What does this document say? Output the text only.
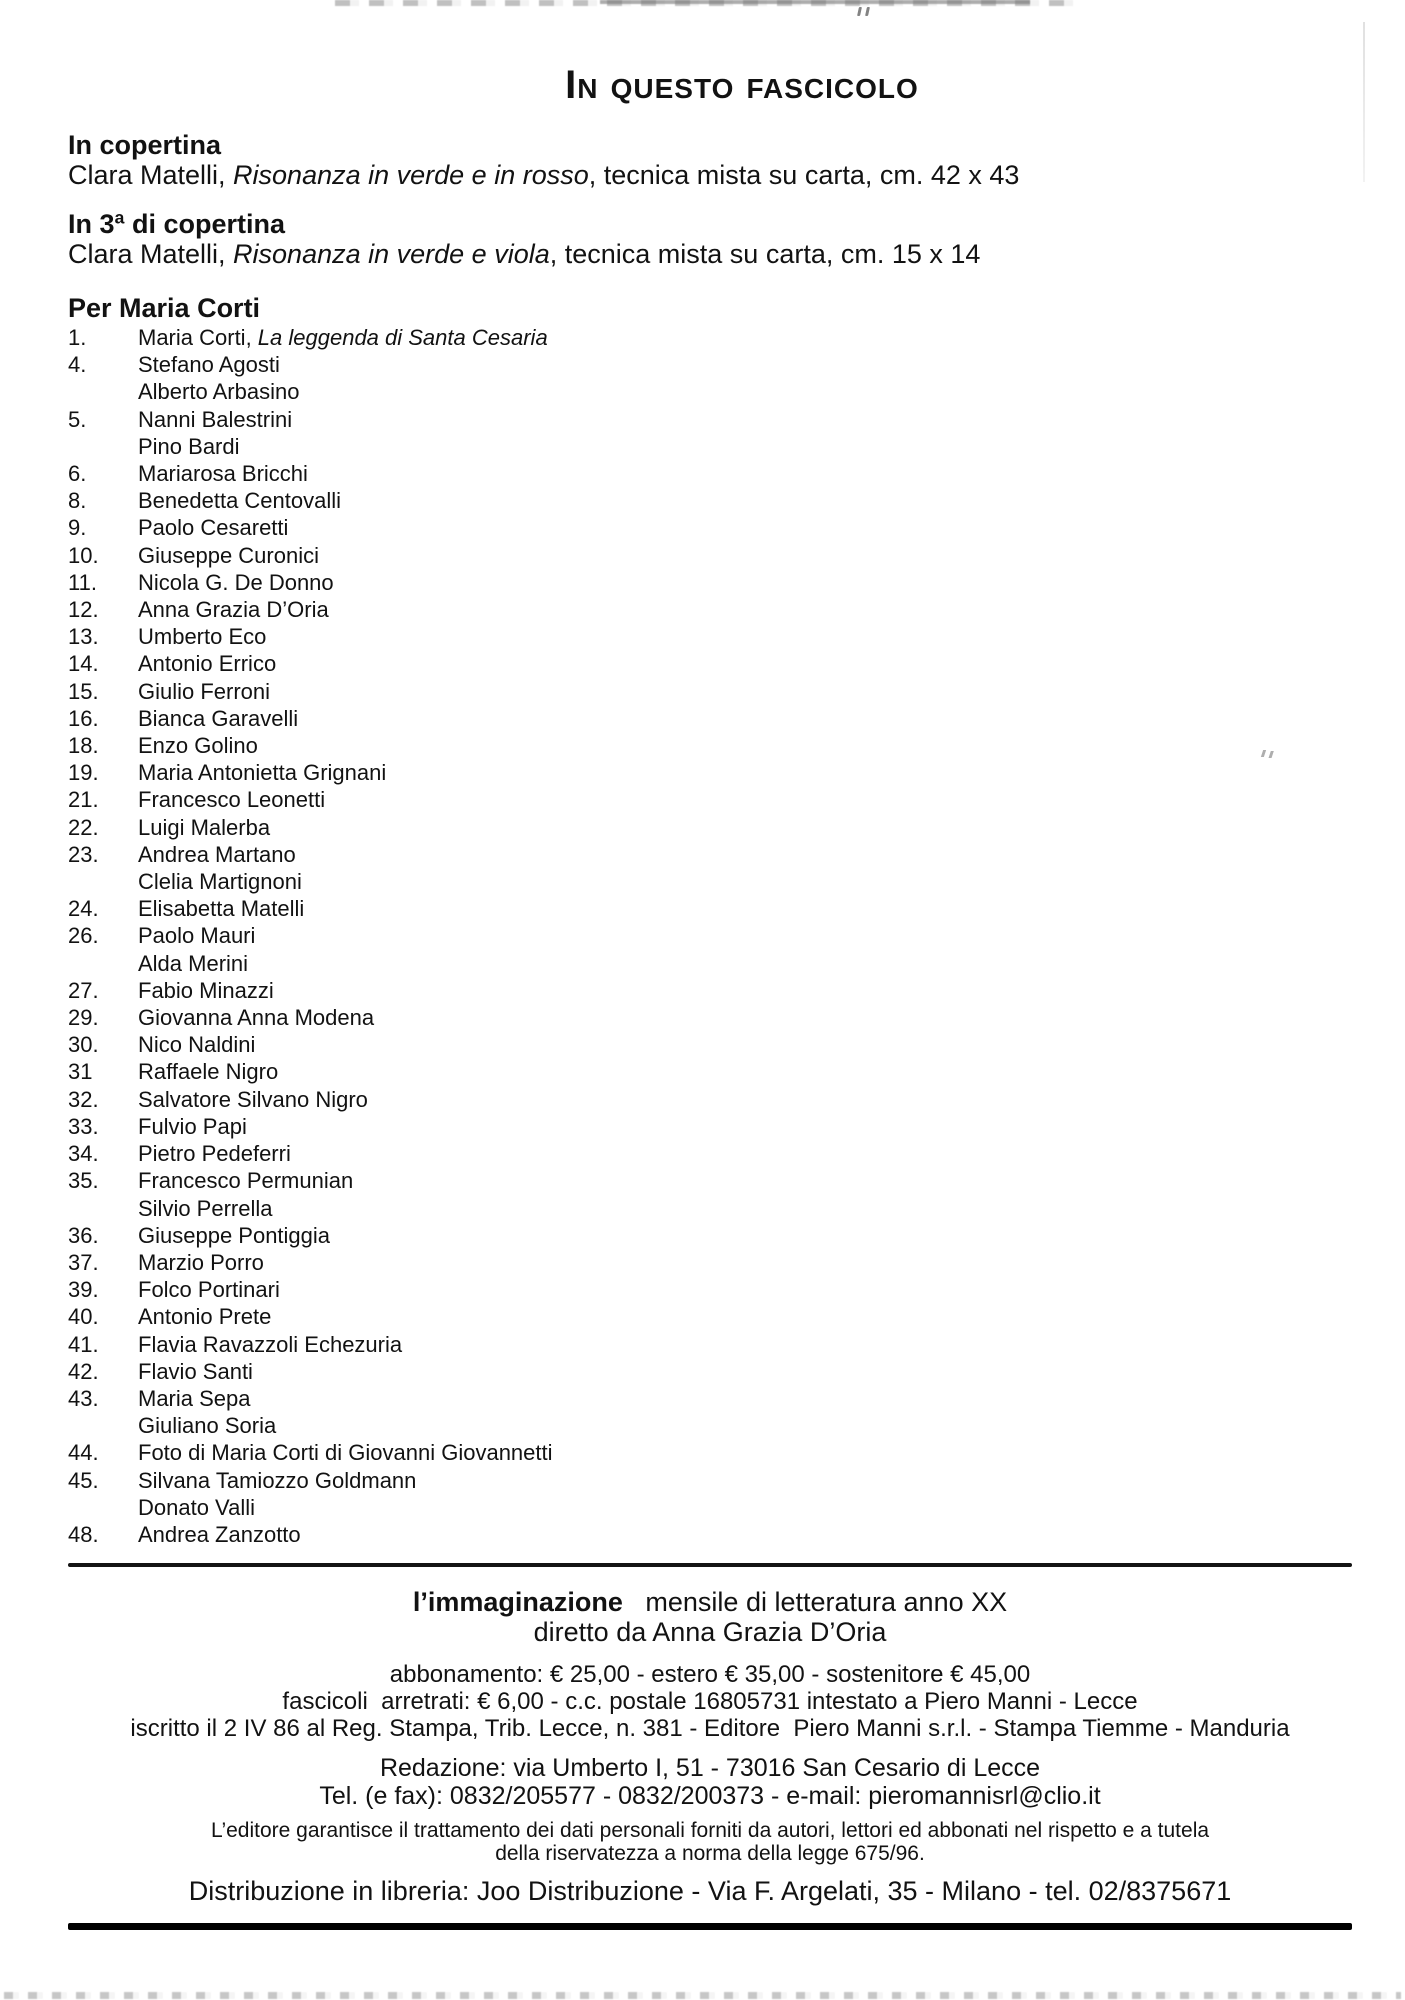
In questo fascicolo
In copertina
Clara Matelli, Risonanza in verde e in rosso, tecnica mista su carta, cm. 42 x 43
In 3ª di copertina
Clara Matelli, Risonanza in verde e viola, tecnica mista su carta, cm. 15 x 14
Per Maria Corti
1.	Maria Corti, La leggenda di Santa Cesaria
4.	Stefano Agosti
Alberto Arbasino
5.	Nanni Balestrini
Pino Bardi
6.	Mariarosa Bricchi
8.	Benedetta Centovalli
9.	Paolo Cesaretti
10.	Giuseppe Curonici
11.	Nicola G. De Donno
12.	Anna Grazia D’Oria
13.	Umberto Eco
14.	Antonio Errico
15.	Giulio Ferroni
16.	Bianca Garavelli
18.	Enzo Golino
19.	Maria Antonietta Grignani
21.	Francesco Leonetti
22.	Luigi Malerba
23.	Andrea Martano
Clelia Martignoni
24.	Elisabetta Matelli
26.	Paolo Mauri
Alda Merini
27.	Fabio Minazzi
29.	Giovanna Anna Modena
30.	Nico Naldini
31	Raffaele Nigro
32.	Salvatore Silvano Nigro
33.	Fulvio Papi
34.	Pietro Pedeferri
35.	Francesco Permunian
Silvio Perrella
36.	Giuseppe Pontiggia
37.	Marzio Porro
39.	Folco Portinari
40.	Antonio Prete
41.	Flavia Ravazzoli Echezuria
42.	Flavio Santi
43.	Maria Sepa
Giuliano Soria
44.	Foto di Maria Corti di Giovanni Giovannetti
45.	Silvana Tamiozzo Goldmann
Donato Valli
48.	Andrea Zanzotto
l’immaginazione   mensile di letteratura anno XX
diretto da Anna Grazia D’Oria
abbonamento: € 25,00 - estero € 35,00 - sostenitore € 45,00
fascicoli  arretrati: € 6,00 - c.c. postale 16805731 intestato a Piero Manni - Lecce
iscritto il 2 IV 86 al Reg. Stampa, Trib. Lecce, n. 381 - Editore  Piero Manni s.r.l. - Stampa Tiemme - Manduria
Redazione: via Umberto I, 51 - 73016 San Cesario di Lecce
Tel. (e fax): 0832/205577 - 0832/200373 - e-mail: pieromannisrl@clio.it
L’editore garantisce il trattamento dei dati personali forniti da autori, lettori ed abbonati nel rispetto e a tutela
della riservatezza a norma della legge 675/96.
Distribuzione in libreria: Joo Distribuzione - Via F. Argelati, 35 - Milano - tel. 02/8375671
